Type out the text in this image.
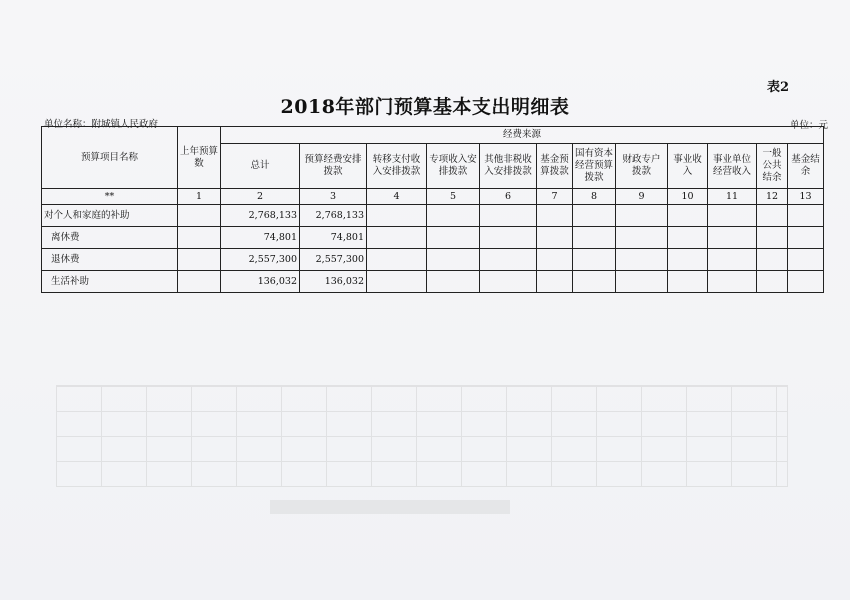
表2
2018年部门预算基本支出明细表
单位名称：附城镇人民政府	单位：元
预算项目名称	上年预算数	经费来源											
		总计	预算经费安排拨款	转移支付收入安排拨款	专项收入安排拨款	其他非税收入安排拨款	基金预算拨款	国有资本经营预算拨款	财政专户拨款	事业收入	事业单位经营收入	一般公共结余	基金结余
**	1	2	3	4	5	6	7	8	9	10	11	12	13
对个人和家庭的补助		2,768,133	2,768,133										
离休费		74,801	74,801										
退休费		2,557,300	2,557,300										
生活补助		136,032	136,032										
